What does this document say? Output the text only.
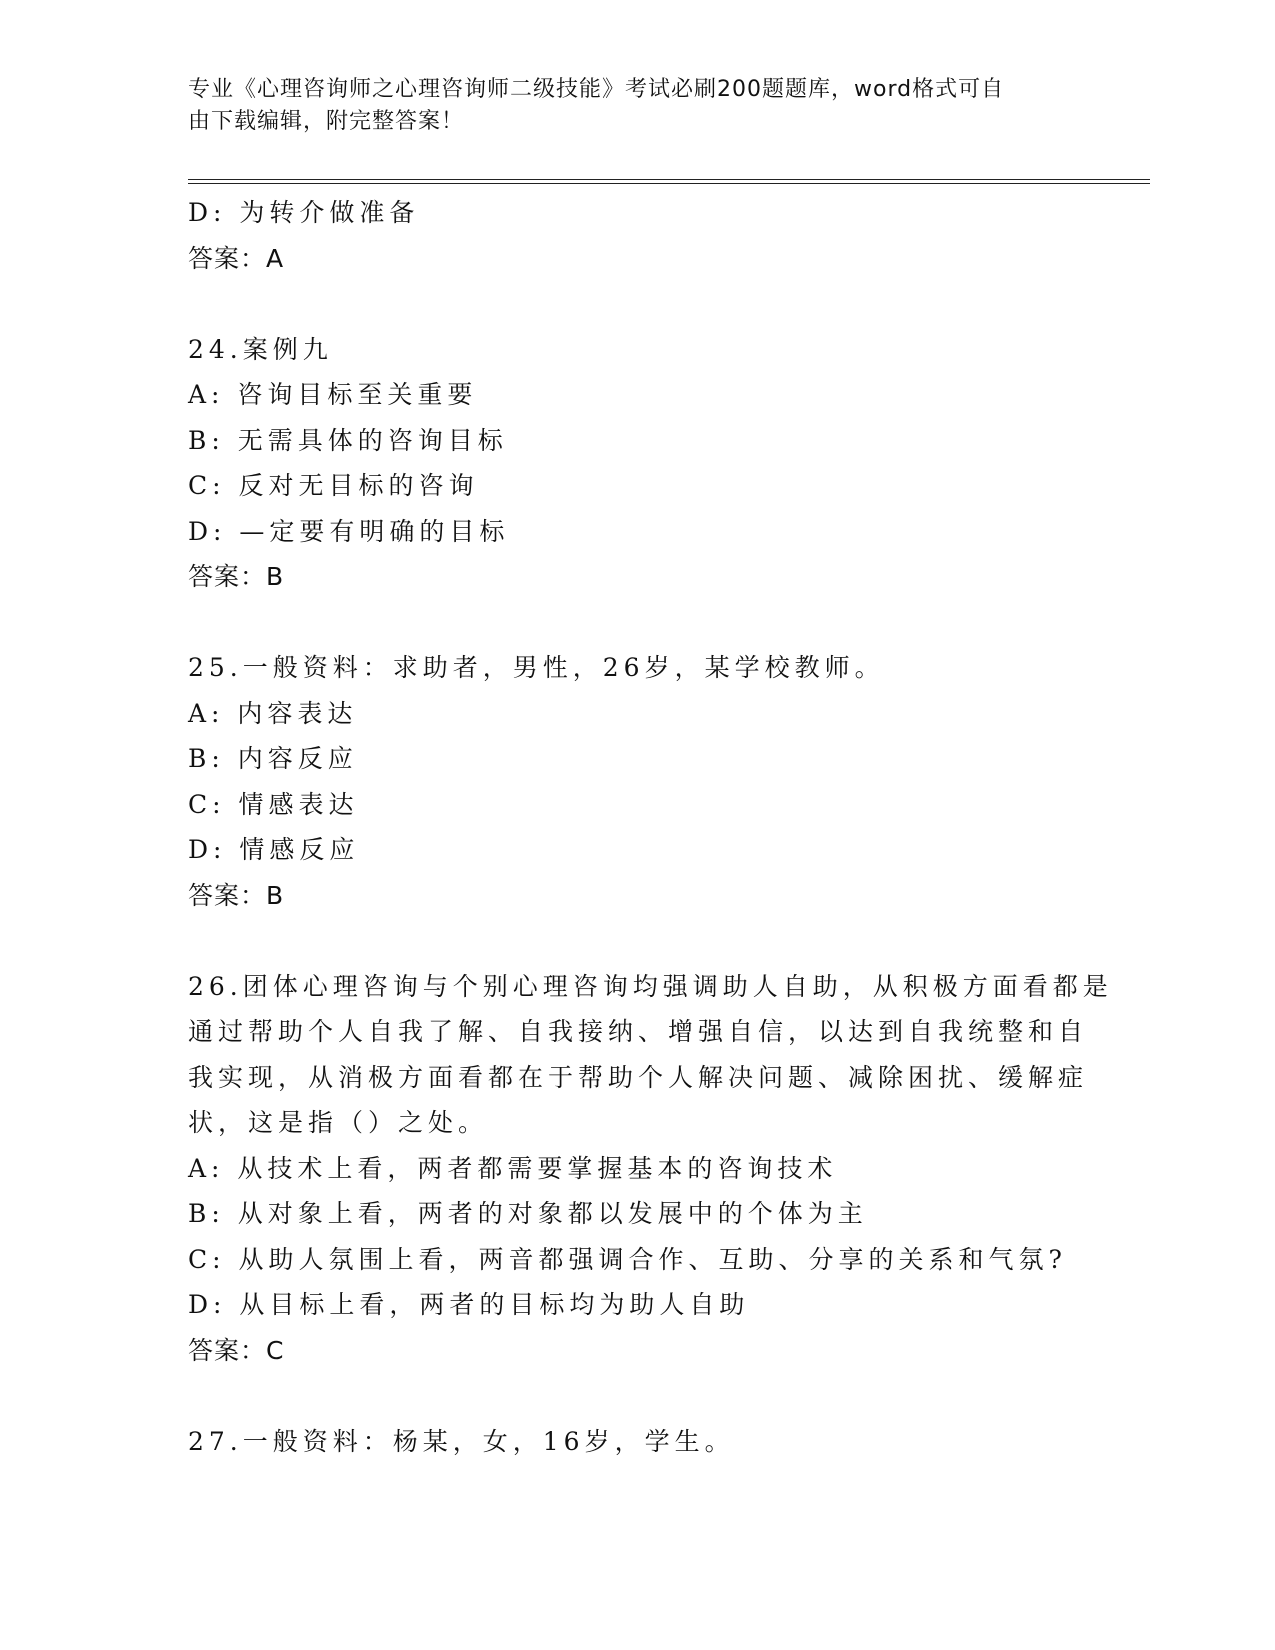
专业《心理咨询师之心理咨询师二级技能》考试必刷200题题库，word格式可自
由下载编辑，附完整答案！
D: 为转介做准备
答案：A
24.案例九
A: 咨询目标至关重要
B: 无需具体的咨询目标
C: 反对无目标的咨询
D: —定要有明确的目标
答案：B
25.一般资料：求助者，男性，26岁，某学校教师。
A: 内容表达
B: 内容反应
C: 情感表达
D: 情感反应
答案：B
26.团体心理咨询与个别心理咨询均强调助人自助，从积极方面看都是
通过帮助个人自我了解、自我接纳、增强自信，以达到自我统整和自
我实现，从消极方面看都在于帮助个人解决问题、减除困扰、缓解症
状，这是指（）之处。
A: 从技术上看，两者都需要掌握基本的咨询技术
B: 从对象上看，两者的对象都以发展中的个体为主
C: 从助人氛围上看，两音都强调合作、互助、分享的关系和气氛?
D: 从目标上看，两者的目标均为助人自助
答案：C
27.一般资料：杨某，女，16岁，学生。
